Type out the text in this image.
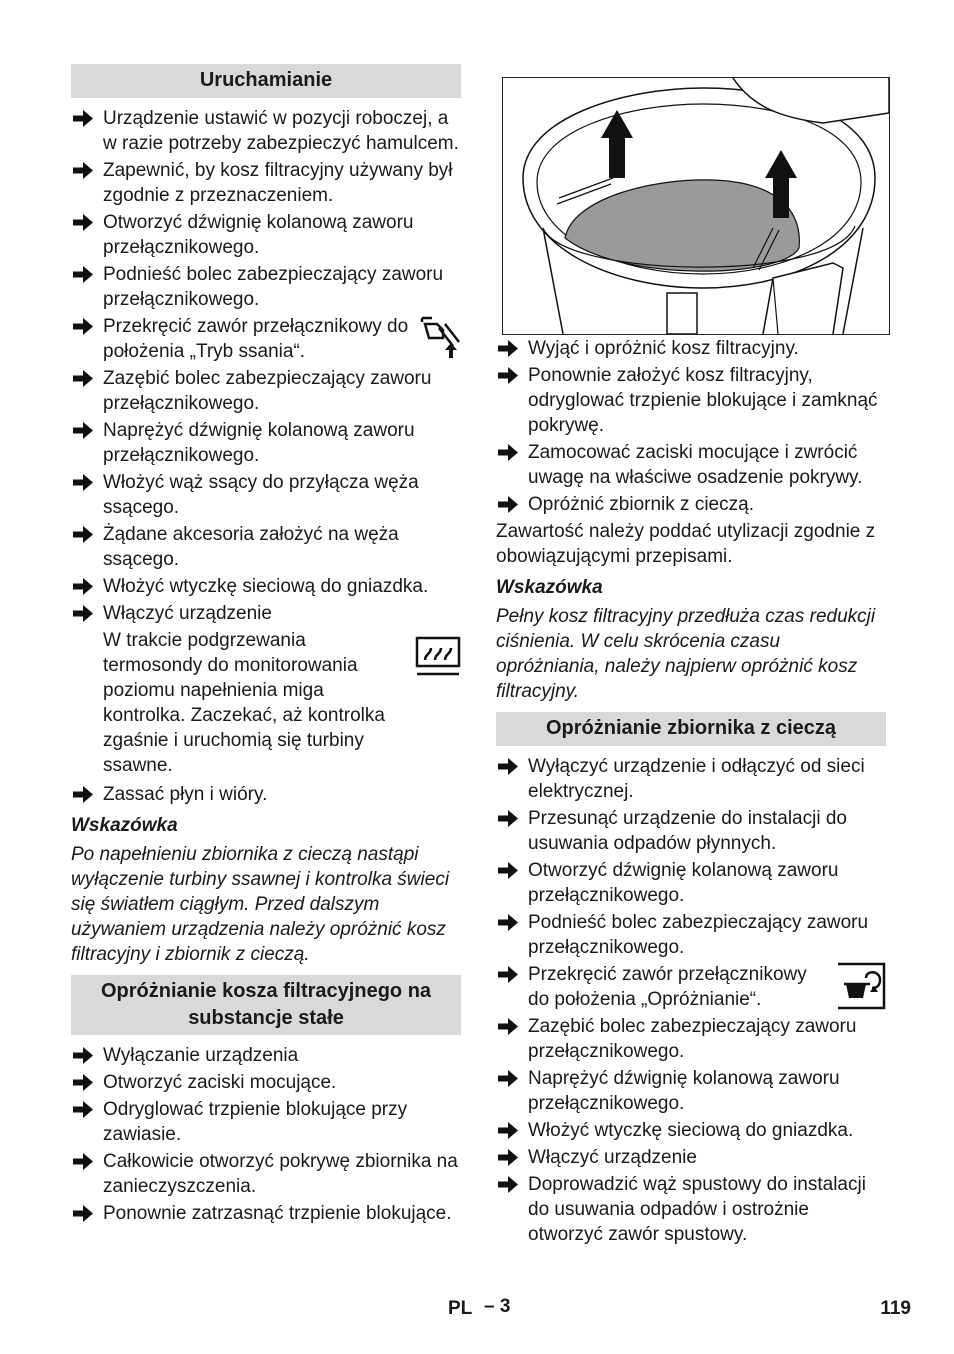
Uruchamianie
Urządzenie ustawić w pozycji roboczej, a w razie potrzeby zabezpieczyć hamulcem.
Zapewnić, by kosz filtracyjny używany był zgodnie z przeznaczeniem.
Otworzyć dźwignię kolanową zaworu przełącznikowego.
Podnieść bolec zabezpieczający zaworu przełącznikowego.
Przekręcić zawór przełącznikowy do położenia „Tryb ssania“.
Zazębić bolec zabezpieczający zaworu przełącznikowego.
Naprężyć dźwignię kolanową zaworu przełącznikowego.
Włożyć wąż ssący do przyłącza węża ssącego.
Żądane akcesoria założyć na węża ssącego.
Włożyć wtyczkę sieciową do gniazdka.
Włączyć urządzenie
W trakcie podgrzewania termosondy do monitorowania poziomu napełnienia miga kontrolka. Zaczekać, aż kontrolka zgaśnie i uruchomią się turbiny ssawne.
Zassać płyn i wióry.
Wskazówka
Po napełnieniu zbiornika z cieczą nastąpi wyłączenie turbiny ssawnej i kontrolka świeci się światłem ciągłym. Przed dalszym używaniem urządzenia należy opróżnić kosz filtracyjny i zbiornik z cieczą.
Opróżnianie kosza filtracyjnego na substancje stałe
Wyłączanie urządzenia
Otworzyć zaciski mocujące.
Odryglować trzpienie blokujące przy zawiasie.
Całkowicie otworzyć pokrywę zbiornika na zanieczyszczenia.
Ponownie zatrzasnąć trzpienie blokujące.
Wyjąć i opróżnić kosz filtracyjny.
Ponownie założyć kosz filtracyjny, odryglować trzpienie blokujące i zamknąć pokrywę.
Zamocować zaciski mocujące i zwrócić uwagę na właściwe osadzenie pokrywy.
Opróżnić zbiornik z cieczą.
Zawartość należy poddać utylizacji zgodnie z obowiązującymi przepisami.
Wskazówka
Pełny kosz filtracyjny przedłuża czas redukcji ciśnienia. W celu skrócenia czasu opróżniania, należy najpierw opróżnić kosz filtracyjny.
Opróżnianie zbiornika z cieczą
Wyłączyć urządzenie i odłączyć od sieci elektrycznej.
Przesunąć urządzenie do instalacji do usuwania odpadów płynnych.
Otworzyć dźwignię kolanową zaworu przełącznikowego.
Podnieść bolec zabezpieczający zaworu przełącznikowego.
Przekręcić zawór przełącznikowy do położenia „Opróżnianie“.
Zazębić bolec zabezpieczający zaworu przełącznikowego.
Naprężyć dźwignię kolanową zaworu przełącznikowego.
Włożyć wtyczkę sieciową do gniazdka.
Włączyć urządzenie
Doprowadzić wąż spustowy do instalacji do usuwania odpadów i ostrożnie otworzyć zawór spustowy.
PL – 3	119
